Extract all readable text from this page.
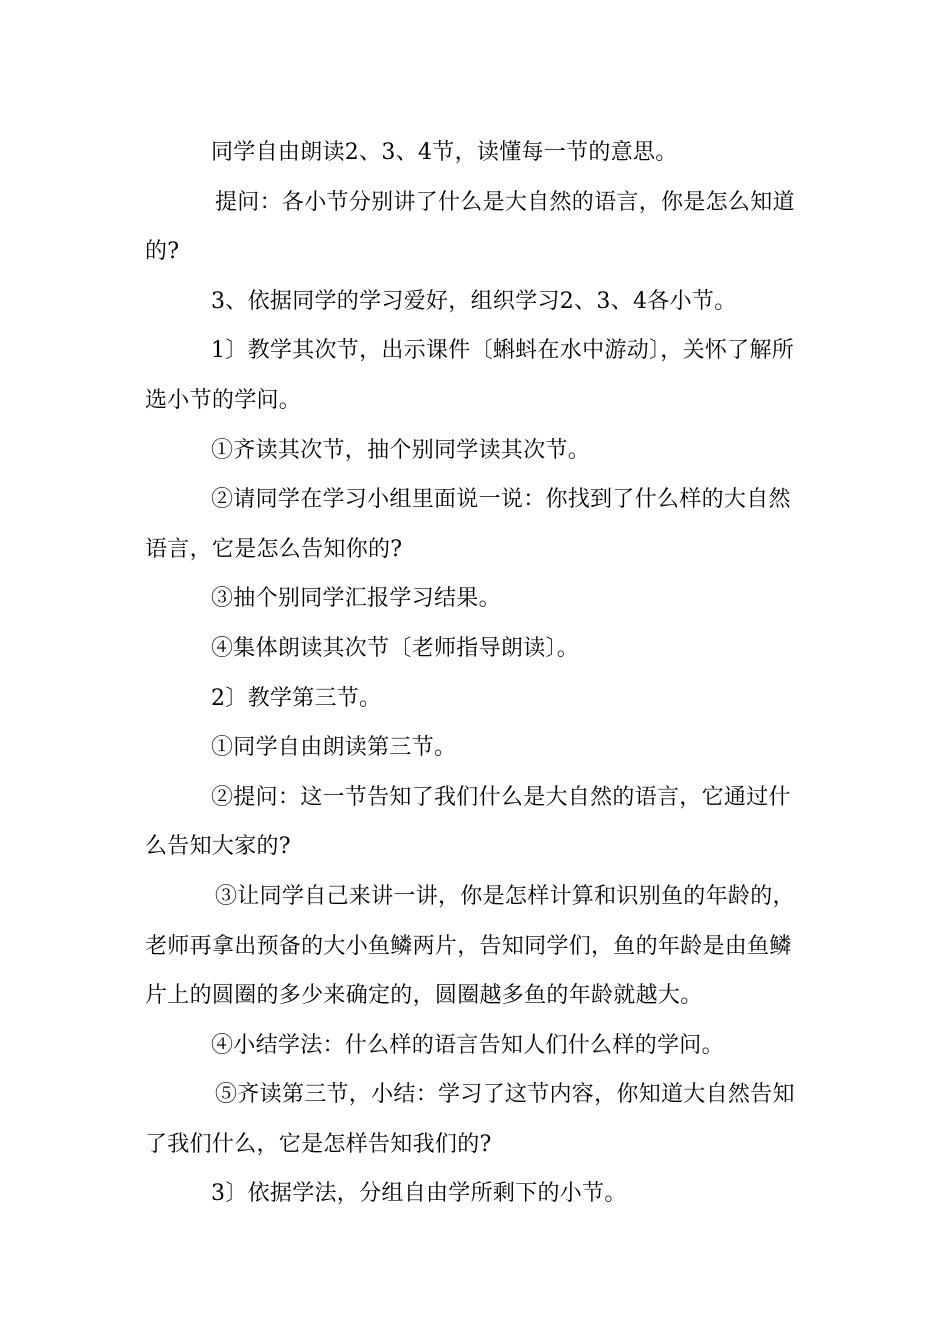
同学自由朗读2、3、4节，读懂每一节的意思。

提问：各小节分别讲了什么是大自然的语言，你是怎么知道的?

3、依据同学的学习爱好，组织学习2、3、4各小节。

1〕教学其次节，出示课件〔蝌蚪在水中游动〕，关怀了解所选小节的学问。

①齐读其次节，抽个别同学读其次节。

②请同学在学习小组里面说一说：你找到了什么样的大自然语言，它是怎么告知你的?

③抽个别同学汇报学习结果。

④集体朗读其次节〔老师指导朗读〕。

2〕教学第三节。

①同学自由朗读第三节。

②提问：这一节告知了我们什么是大自然的语言，它通过什么告知大家的?

③让同学自己来讲一讲，你是怎样计算和识别鱼的年龄的，老师再拿出预备的大小鱼鳞两片，告知同学们，鱼的年龄是由鱼鳞片上的圆圈的多少来确定的，圆圈越多鱼的年龄就越大。

④小结学法：什么样的语言告知人们什么样的学问。

⑤齐读第三节，小结：学习了这节内容，你知道大自然告知了我们什么，它是怎样告知我们的?

3〕依据学法，分组自由学所剩下的小节。
